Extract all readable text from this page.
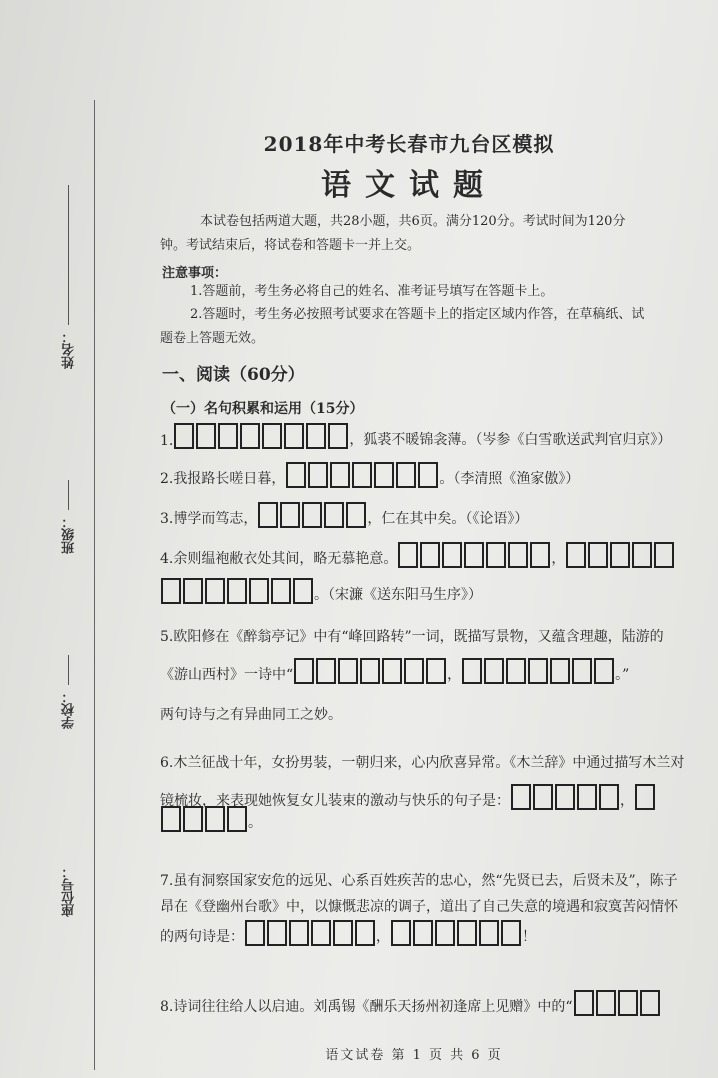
姓名：
班级：
学校：
座位号：
2018年中考长春市九台区模拟
语文试题
本试卷包括两道大题，共28小题，共6页。满分120分。考试时间为120分
钟。考试结束后，将试卷和答题卡一并上交。
注意事项：
1.答题前，考生务必将自己的姓名、准考证号填写在答题卡上。
2.答题时，考生务必按照考试要求在答题卡上的指定区域内作答，在草稿纸、试
题卷上答题无效。
一、阅读（60分）
（一）名句积累和运用（15分）
1.	，狐裘不暖锦衾薄。（岑参《白雪歌送武判官归京》）
2.我报路长嗟日暮，	。（李清照《渔家傲》）
3.博学而笃志，	，仁在其中矣。（《论语》）
4.余则缊袍敝衣处其间，略无慕艳意。	，
。（宋濂《送东阳马生序》）
5.欧阳修在《醉翁亭记》中有“峰回路转”一词，既描写景物，又蕴含理趣，陆游的
《游山西村》一诗中“	，	。”
两句诗与之有异曲同工之妙。
6.木兰征战十年，女扮男装，一朝归来，心内欣喜异常。《木兰辞》中通过描写木兰对
镜梳妆，来表现她恢复女儿装束的激动与快乐的句子是：	，
。
7.虽有洞察国家安危的远见、心系百姓疾苦的忠心，然“先贤已去，后贤未及”，陈子
昂在《登幽州台歌》中，以慷慨悲凉的调子，道出了自己失意的境遇和寂寞苦闷情怀
的两句诗是：	，	！
8.诗词往往给人以启迪。刘禹锡《酬乐天扬州初逢席上见赠》中的“
语文试卷 第 1 页 共 6 页
